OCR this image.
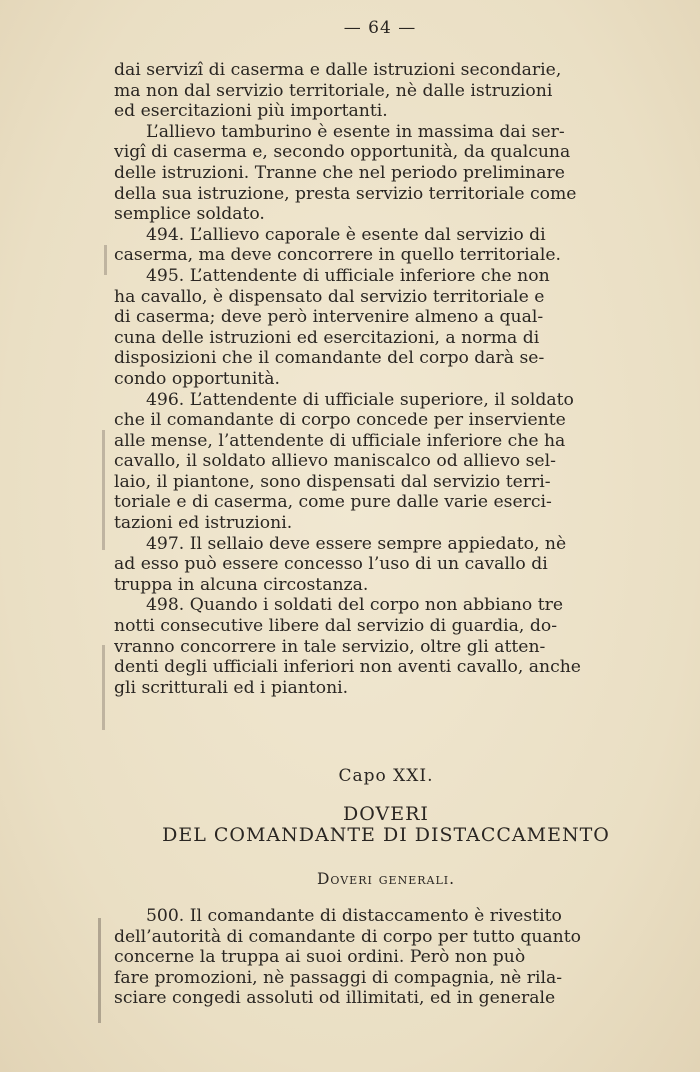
— 64 —
dai servizî di caserma e dalle istruzioni secondarie,
ma non dal servizio territoriale, nè dalle istruzioni
ed esercitazioni più importanti.
L’allievo tamburino è esente in massima dai ser-
vigî di caserma e, secondo opportunità, da qualcuna
delle istruzioni. Tranne che nel periodo preliminare
della sua istruzione, presta servizio territoriale come
semplice soldato.
494. L’allievo caporale è esente dal servizio di
caserma, ma deve concorrere in quello territoriale.
495. L’attendente di ufficiale inferiore che non
ha cavallo, è dispensato dal servizio territoriale e
di caserma; deve però intervenire almeno a qual-
cuna delle istruzioni ed esercitazioni, a norma di
disposizioni che il comandante del corpo darà se-
condo opportunità.
496. L’attendente di ufficiale superiore, il soldato
che il comandante di corpo concede per inserviente
alle mense, l’attendente di ufficiale inferiore che ha
cavallo, il soldato allievo maniscalco od allievo sel-
laio, il piantone, sono dispensati dal servizio terri-
toriale e di caserma, come pure dalle varie eserci-
tazioni ed istruzioni.
497. Il sellaio deve essere sempre appiedato, nè
ad esso può essere concesso l’uso di un cavallo di
truppa in alcuna circostanza.
498. Quando i soldati del corpo non abbiano tre
notti consecutive libere dal servizio di guardia, do-
vranno concorrere in tale servizio, oltre gli atten-
denti degli ufficiali inferiori non aventi cavallo, anche
gli scritturali ed i piantoni.
Capo XXI.
DOVERI
DEL COMANDANTE DI DISTACCAMENTO
Doveri generali.
500. Il comandante di distaccamento è rivestito
dell’autorità di comandante di corpo per tutto quanto
concerne la truppa ai suoi ordini. Però non può
fare promozioni, nè passaggi di compagnia, nè rila-
sciare congedi assoluti od illimitati, ed in generale
